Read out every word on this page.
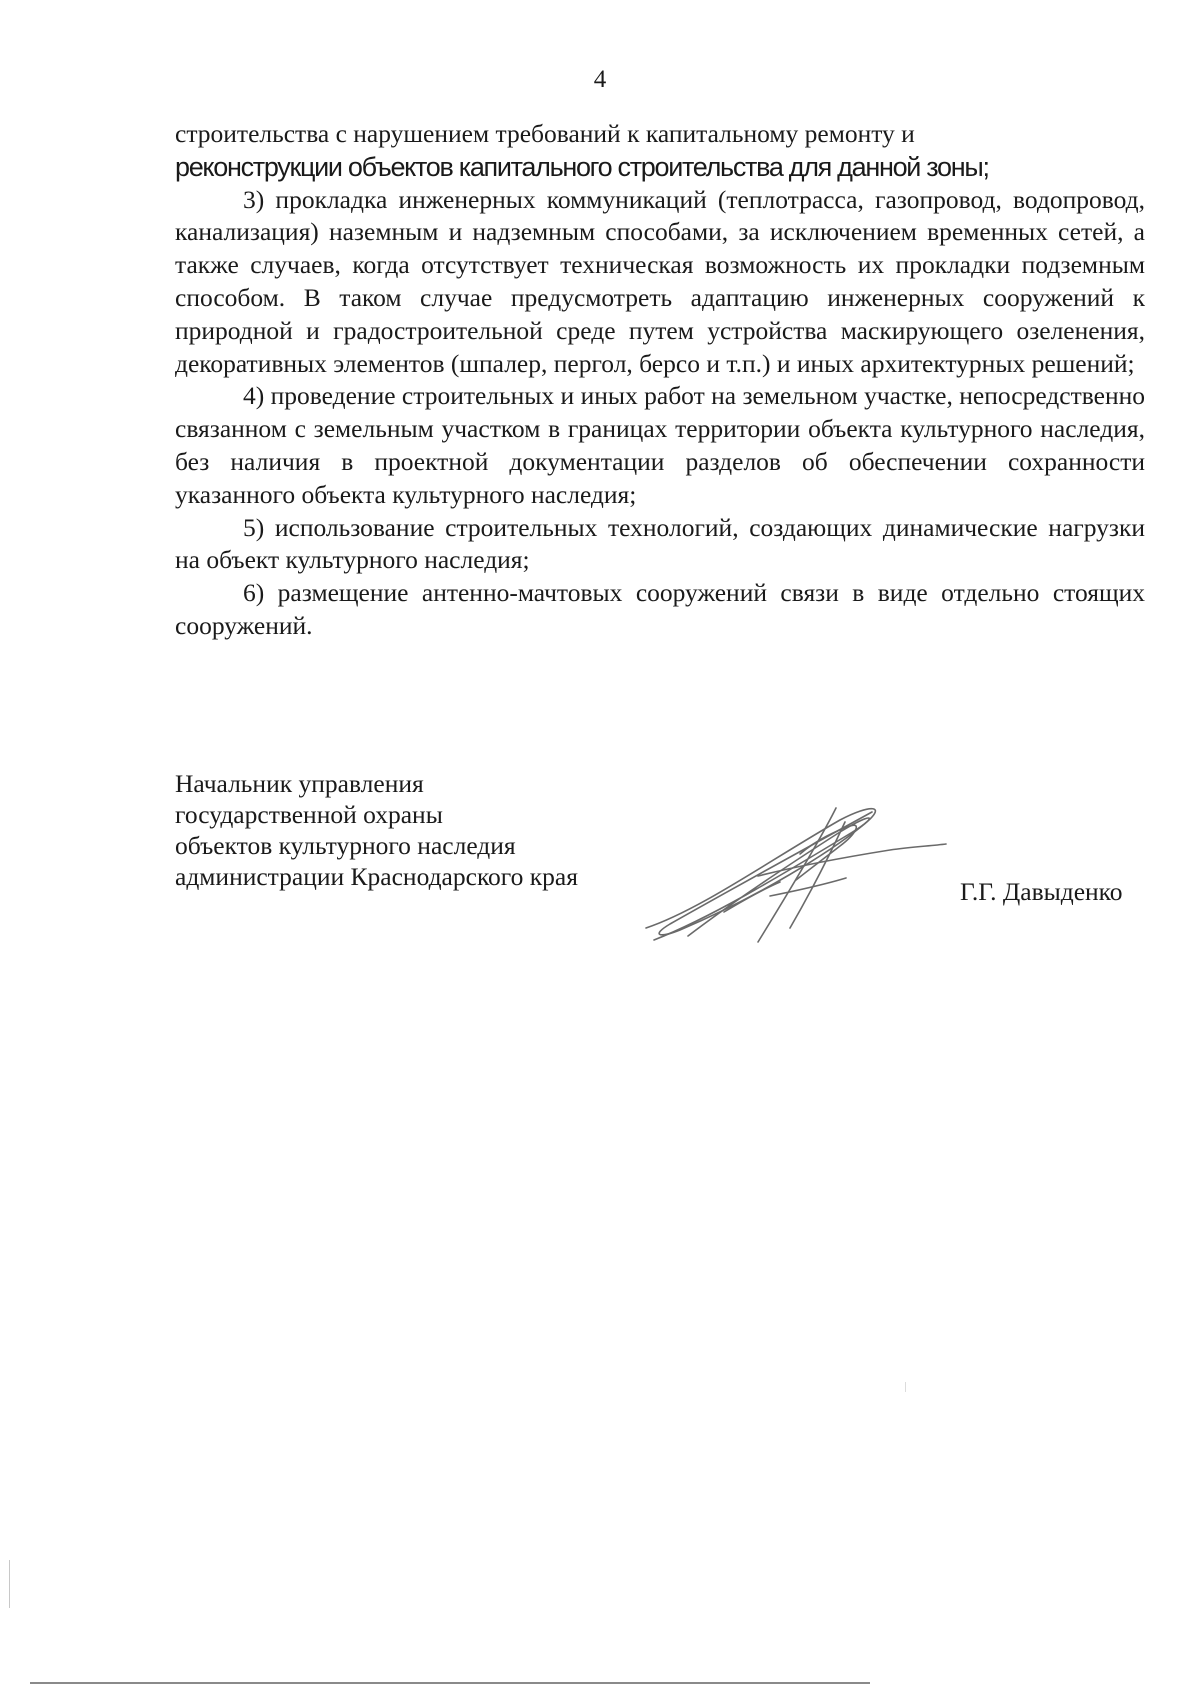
4

строительства с нарушением требований к капитальному ремонту и
реконструкции объектов капитального строительства для данной зоны;

3) прокладка инженерных коммуникаций (теплотрасса, газопровод, водопровод, канализация) наземным и надземным способами, за исключением временных сетей, а также случаев, когда отсутствует техническая возможность их прокладки подземным способом. В таком случае предусмотреть адаптацию инженерных сооружений к природной и градостроительной среде путем устройства маскирующего озеленения, декоративных элементов (шпалер, пергол, берсо и т.п.) и иных архитектурных решений;

4) проведение строительных и иных работ на земельном участке, непосредственно связанном с земельным участком в границах территории объекта культурного наследия, без наличия в проектной документации разделов об обеспечении сохранности указанного объекта культурного наследия;

5) использование строительных технологий, создающих динамические нагрузки на объект культурного наследия;

6) размещение антенно-мачтовых сооружений связи в виде отдельно стоящих сооружений.

Начальник управления
государственной охраны
объектов культурного наследия
администрации Краснодарского края
Г.Г. Давыденко
